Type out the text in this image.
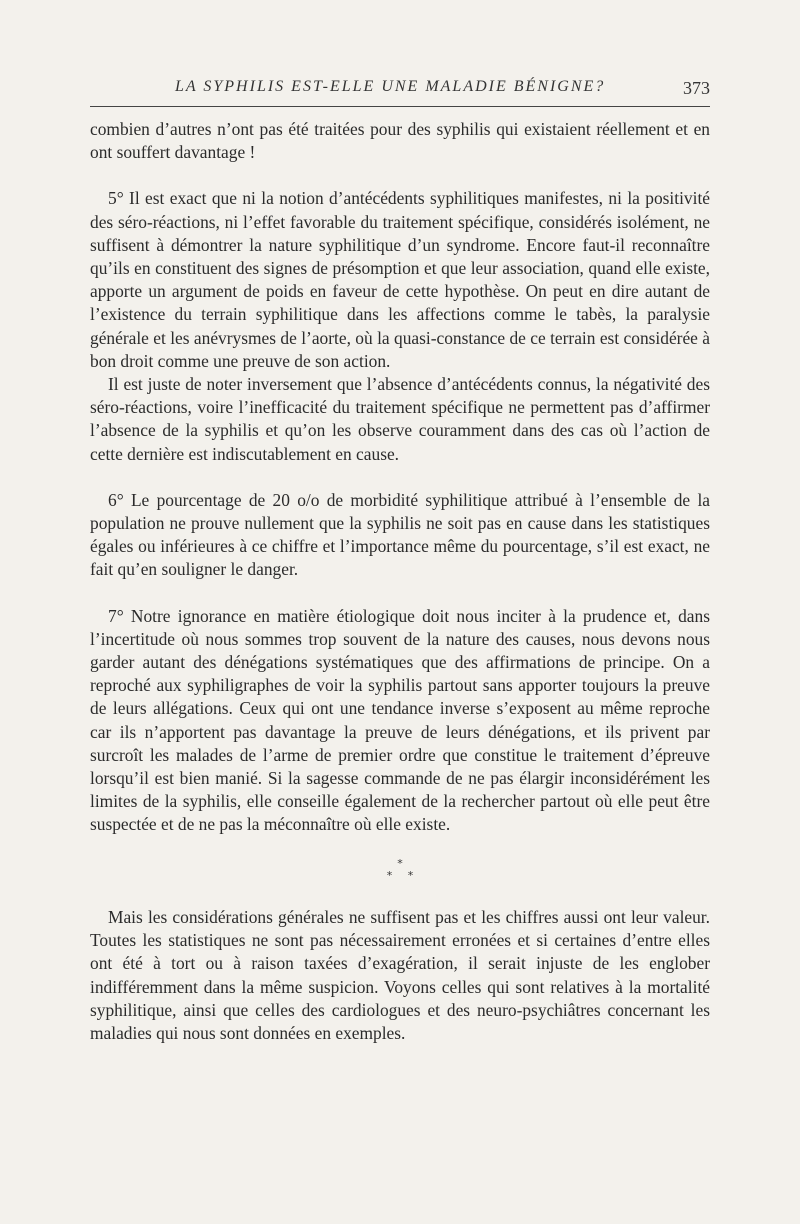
LA SYPHILIS EST-ELLE UNE MALADIE BÉNIGNE?	373

combien d’autres n’ont pas été traitées pour des syphilis qui existaient réellement et en ont souffert davantage !

5° Il est exact que ni la notion d’antécédents syphilitiques manifestes, ni la positivité des séro-réactions, ni l’effet favorable du traitement spécifique, considérés isolément, ne suffisent à démontrer la nature syphilitique d’un syndrome. Encore faut-il reconnaître qu’ils en constituent des signes de présomption et que leur association, quand elle existe, apporte un argument de poids en faveur de cette hypothèse. On peut en dire autant de l’existence du terrain syphilitique dans les affections comme le tabès, la paralysie générale et les anévrysmes de l’aorte, où la quasi-constance de ce terrain est considérée à bon droit comme une preuve de son action.

Il est juste de noter inversement que l’absence d’antécédents connus, la négativité des séro-réactions, voire l’inefficacité du traitement spécifique ne permettent pas d’affirmer l’absence de la syphilis et qu’on les observe couramment dans des cas où l’action de cette dernière est indiscutablement en cause.

6° Le pourcentage de 20 o/o de morbidité syphilitique attribué à l’ensemble de la population ne prouve nullement que la syphilis ne soit pas en cause dans les statistiques égales ou inférieures à ce chiffre et l’importance même du pourcentage, s’il est exact, ne fait qu’en souligner le danger.

7° Notre ignorance en matière étiologique doit nous inciter à la prudence et, dans l’incertitude où nous sommes trop souvent de la nature des causes, nous devons nous garder autant des dénégations systématiques que des affirmations de principe. On a reproché aux syphiligraphes de voir la syphilis partout sans apporter toujours la preuve de leurs allégations. Ceux qui ont une tendance inverse s’exposent au même reproche car ils n’apportent pas davantage la preuve de leurs dénégations, et ils privent par surcroît les malades de l’arme de premier ordre que constitue le traitement d’épreuve lorsqu’il est bien manié. Si la sagesse commande de ne pas élargir inconsidérément les limites de la syphilis, elle conseille également de la rechercher partout où elle peut être suspectée et de ne pas la méconnaître où elle existe.

*
* *

Mais les considérations générales ne suffisent pas et les chiffres aussi ont leur valeur. Toutes les statistiques ne sont pas nécessairement erronées et si certaines d’entre elles ont été à tort ou à raison taxées d’exagération, il serait injuste de les englober indifféremment dans la même suspicion. Voyons celles qui sont relatives à la mortalité syphilitique, ainsi que celles des cardiologues et des neuro-psychiâtres concernant les maladies qui nous sont données en exemples.
